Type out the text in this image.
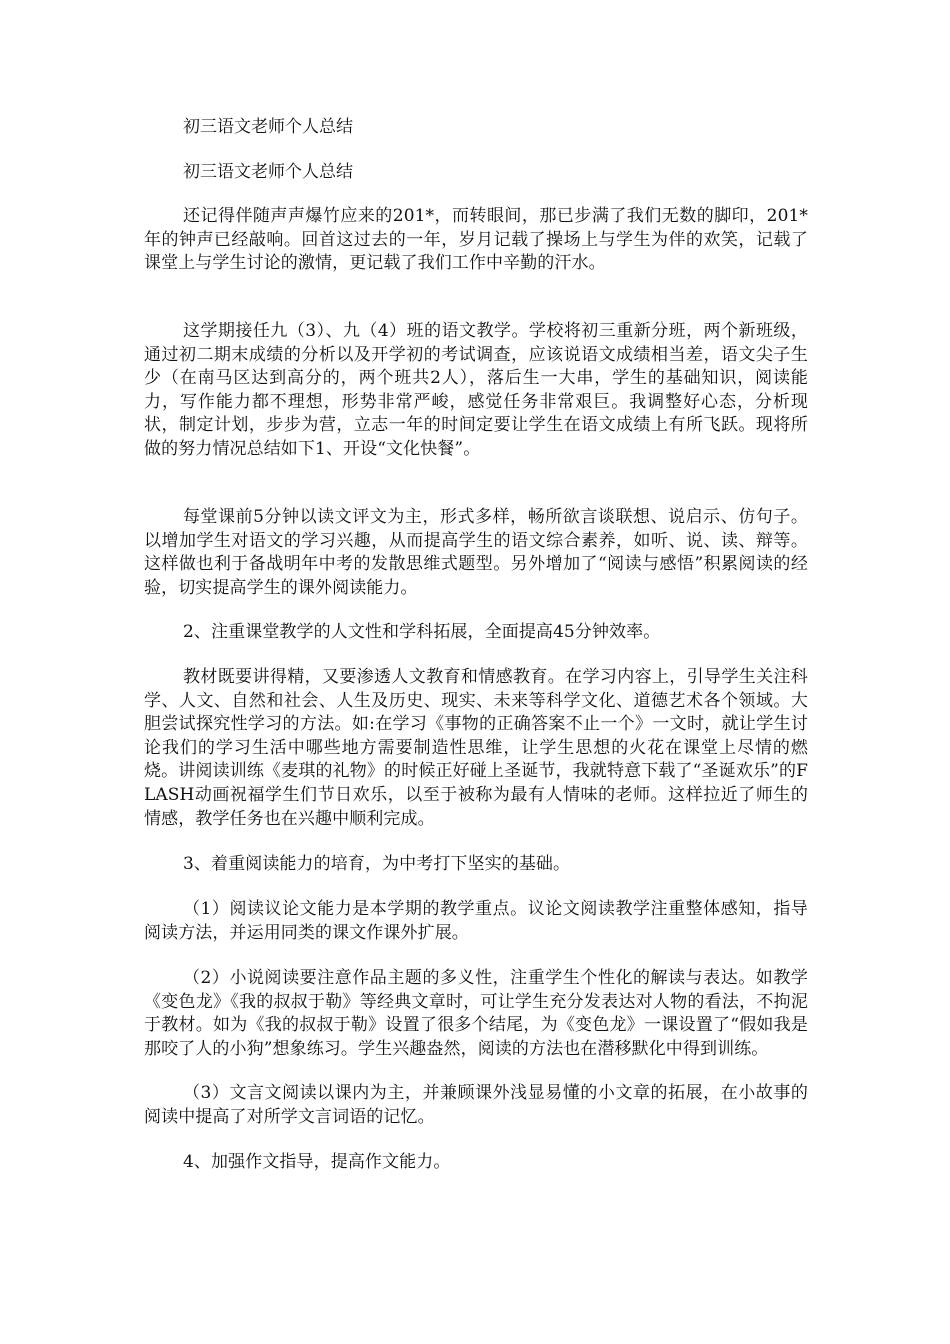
初三语文老师个人总结
初三语文老师个人总结

还记得伴随声声爆竹应来的201*，而转眼间，那已步满了我们无数的脚印，201*年的钟声已经敲响。回首这过去的一年，岁月记载了操场上与学生为伴的欢笑，记载了课堂上与学生讨论的激情，更记载了我们工作中辛勤的汗水。

这学期接任九（3）、九（4）班的语文教学。学校将初三重新分班，两个新班级，通过初二期末成绩的分析以及开学初的考试调查，应该说语文成绩相当差，语文尖子生少（在南马区达到高分的，两个班共2人），落后生一大串，学生的基础知识，阅读能力，写作能力都不理想，形势非常严峻，感觉任务非常艰巨。我调整好心态，分析现状，制定计划，步步为营，立志一年的时间定要让学生在语文成绩上有所飞跃。现将所做的努力情况总结如下1、开设“文化快餐”。

每堂课前5分钟以读文评文为主，形式多样，畅所欲言谈联想、说启示、仿句子。以增加学生对语文的学习兴趣，从而提高学生的语文综合素养，如听、说、读、辩等。这样做也利于备战明年中考的发散思维式题型。另外增加了“阅读与感悟”积累阅读的经验，切实提高学生的课外阅读能力。

2、注重课堂教学的人文性和学科拓展，全面提高45分钟效率。

教材既要讲得精，又要渗透人文教育和情感教育。在学习内容上，引导学生关注科学、人文、自然和社会、人生及历史、现实、未来等科学文化、道德艺术各个领域。大胆尝试探究性学习的方法。如:在学习《事物的正确答案不止一个》一文时，就让学生讨论我们的学习生活中哪些地方需要制造性思维，让学生思想的火花在课堂上尽情的燃烧。讲阅读训练《麦琪的礼物》的时候正好碰上圣诞节，我就特意下载了“圣诞欢乐”的FLASH动画祝福学生们节日欢乐，以至于被称为最有人情味的老师。这样拉近了师生的情感，教学任务也在兴趣中顺利完成。

3、着重阅读能力的培育，为中考打下坚实的基础。

（1）阅读议论文能力是本学期的教学重点。议论文阅读教学注重整体感知，指导阅读方法，并运用同类的课文作课外扩展。

（2）小说阅读要注意作品主题的多义性，注重学生个性化的解读与表达。如教学《变色龙》《我的叔叔于勒》等经典文章时，可让学生充分发表达对人物的看法，不拘泥于教材。如为《我的叔叔于勒》设置了很多个结尾，为《变色龙》一课设置了“假如我是那咬了人的小狗”想象练习。学生兴趣盎然，阅读的方法也在潜移默化中得到训练。

（3）文言文阅读以课内为主，并兼顾课外浅显易懂的小文章的拓展，在小故事的阅读中提高了对所学文言词语的记忆。

4、加强作文指导，提高作文能力。
